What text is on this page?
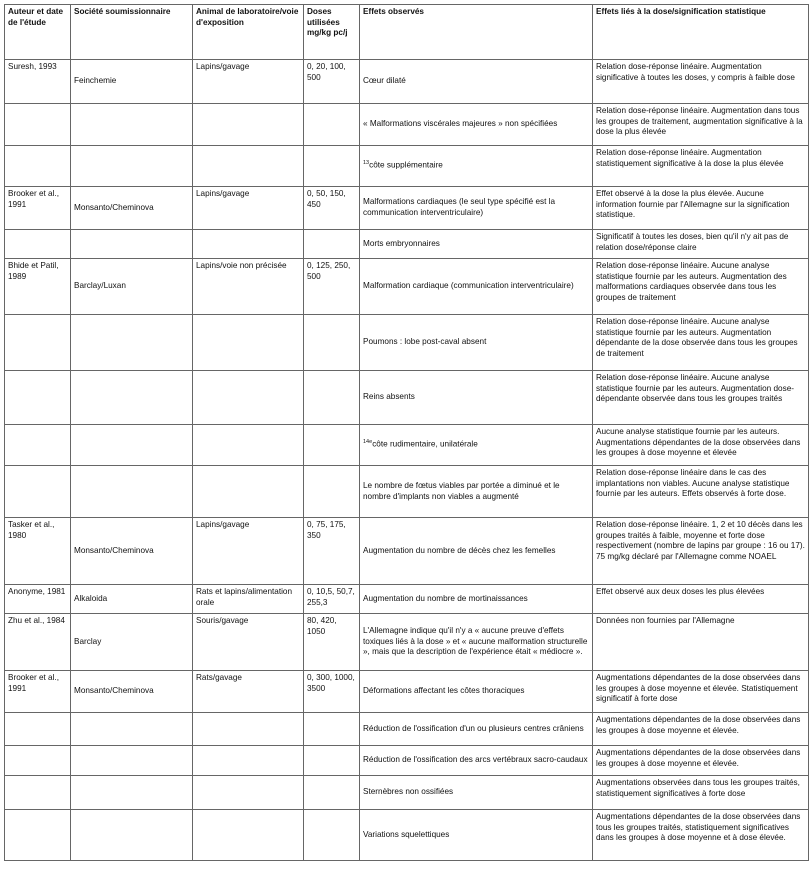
Auteur et date de l'étude	Société soumissionnaire	Animal de laboratoire/voie d'exposition	Doses utilisées mg/kg pc/j	Effets observés	Effets liés à la dose/signification statistique
Suresh, 1993	Feinchemie	Lapins/gavage	0, 20, 100, 500	Cœur dilaté	Relation dose-réponse linéaire. Augmentation significative à toutes les doses, y compris à faible dose
				« Malformations viscérales majeures » non spécifiées	Relation dose-réponse linéaire. Augmentation dans tous les groupes de traitement, augmentation significative à la dose la plus élevée
				$^{13}$côte supplémentaire	Relation dose-réponse linéaire. Augmentation statistiquement significative à la dose la plus élevée
Brooker et al., 1991	Monsanto/Cheminova	Lapins/gavage	0, 50, 150, 450	Malformations cardiaques (le seul type spécifié est la communication interventriculaire)	Effet observé à la dose la plus élevée. Aucune information fournie par l'Allemagne sur la signification statistique.
				Morts embryonnaires	Significatif à toutes les doses, bien qu'il n'y ait pas de relation dose/réponse claire
Bhide et Patil, 1989	Barclay/Luxan	Lapins/voie non précisée	0, 125, 250, 500	Malformation cardiaque (communication interventriculaire)	Relation dose-réponse linéaire. Aucune analyse statistique fournie par les auteurs. Augmentation des malformations cardiaques observée dans tous les groupes de traitement
				Poumons : lobe post-caval absent	Relation dose-réponse linéaire. Aucune analyse statistique fournie par les auteurs. Augmentation dépendante de la dose observée dans tous les groupes de traitement
				Reins absents	Relation dose-réponse linéaire. Aucune analyse statistique fournie par les auteurs. Augmentation dose-dépendante observée dans tous les groupes traités
				$^{14e}$côte rudimentaire, unilatérale	Aucune analyse statistique fournie par les auteurs. Augmentations dépendantes de la dose observées dans les groupes à dose moyenne et élevée
				Le nombre de fœtus viables par portée a diminué et le nombre d'implants non viables a augmenté	Relation dose-réponse linéaire dans le cas des implantations non viables. Aucune analyse statistique fournie par les auteurs. Effets observés à forte dose.
Tasker et al., 1980	Monsanto/Cheminova	Lapins/gavage	0, 75, 175, 350	Augmentation du nombre de décès chez les femelles	Relation dose-réponse linéaire. 1, 2 et 10 décès dans les groupes traités à faible, moyenne et forte dose respectivement (nombre de lapins par groupe : 16 ou 17). 75 mg/kg déclaré par l'Allemagne comme NOAEL
Anonyme, 1981	Alkaloida	Rats et lapins/alimentation orale	0, 10,5, 50,7, 255,3	Augmentation du nombre de mortinaissances	Effet observé aux deux doses les plus élevées
Zhu et al., 1984	Barclay	Souris/gavage	80, 420, 1050	L'Allemagne indique qu'il n'y a « aucune preuve d'effets toxiques liés à la dose » et « aucune malformation structurelle », mais que la description de l'expérience était « médiocre ».	Données non fournies par l'Allemagne
Brooker et al., 1991	Monsanto/Cheminova	Rats/gavage	0, 300, 1000, 3500	Déformations affectant les côtes thoraciques	Augmentations dépendantes de la dose observées dans les groupes à dose moyenne et élevée. Statistiquement significatif à forte dose
				Réduction de l'ossification d'un ou plusieurs centres crâniens	Augmentations dépendantes de la dose observées dans les groupes à dose moyenne et élevée.
				Réduction de l'ossification des arcs vertébraux sacro-caudaux	Augmentations dépendantes de la dose observées dans les groupes à dose moyenne et élevée.
				Sternèbres non ossifiées	Augmentations observées dans tous les groupes traités, statistiquement significatives à forte dose
				Variations squelettiques	Augmentations dépendantes de la dose observées dans tous les groupes traités, statistiquement significatives dans les groupes à dose moyenne et à dose élevée.
